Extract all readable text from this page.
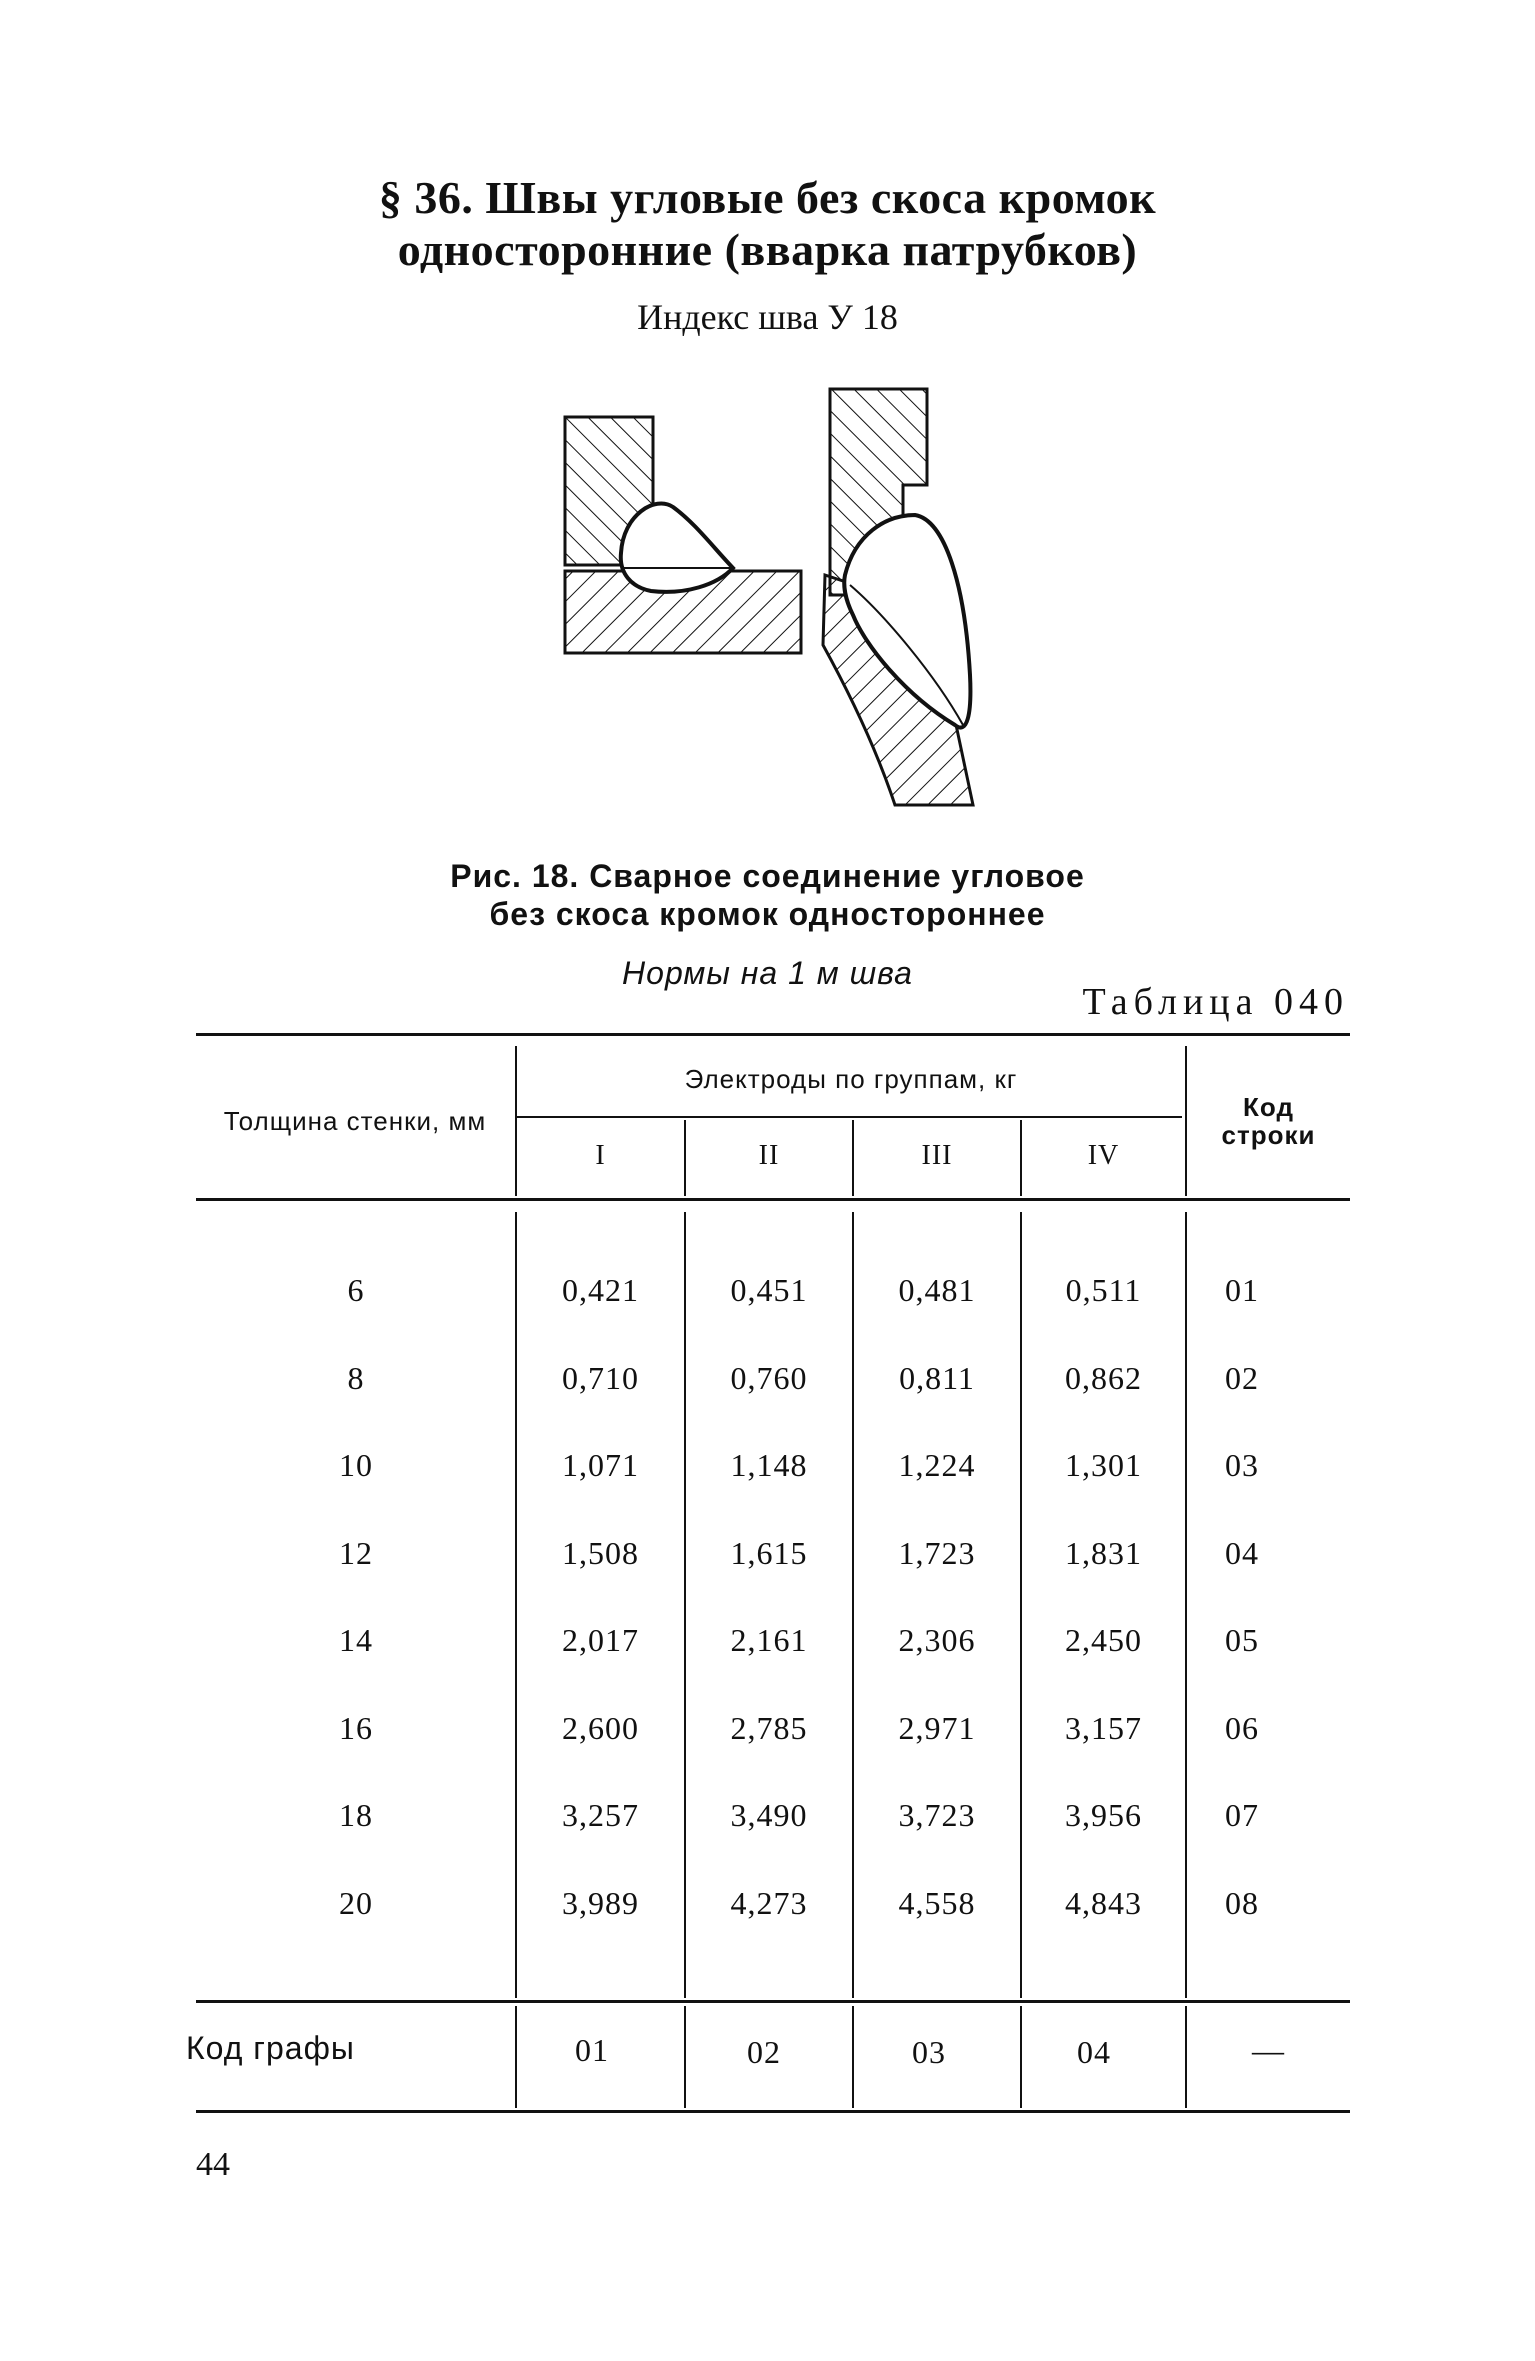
§ 36. Швы угловые без скоса кромок
односторонние (вварка патрубков)
Индекс шва У 18
Рис. 18. Сварное соединение угловое
без скоса кромок одностороннее
Нормы на 1 м шва
Таблица 040
Толщина стенки, мм
Электроды по группам, кг
I	II	III	IV
Код
строки
6	0,421	0,451	0,481	0,511	01
8	0,710	0,760	0,811	0,862	02
10	1,071	1,148	1,224	1,301	03
12	1,508	1,615	1,723	1,831	04
14	2,017	2,161	2,306	2,450	05
16	2,600	2,785	2,971	3,157	06
18	3,257	3,490	3,723	3,956	07
20	3,989	4,273	4,558	4,843	08
Код графы	01	02	03	04	—
44
